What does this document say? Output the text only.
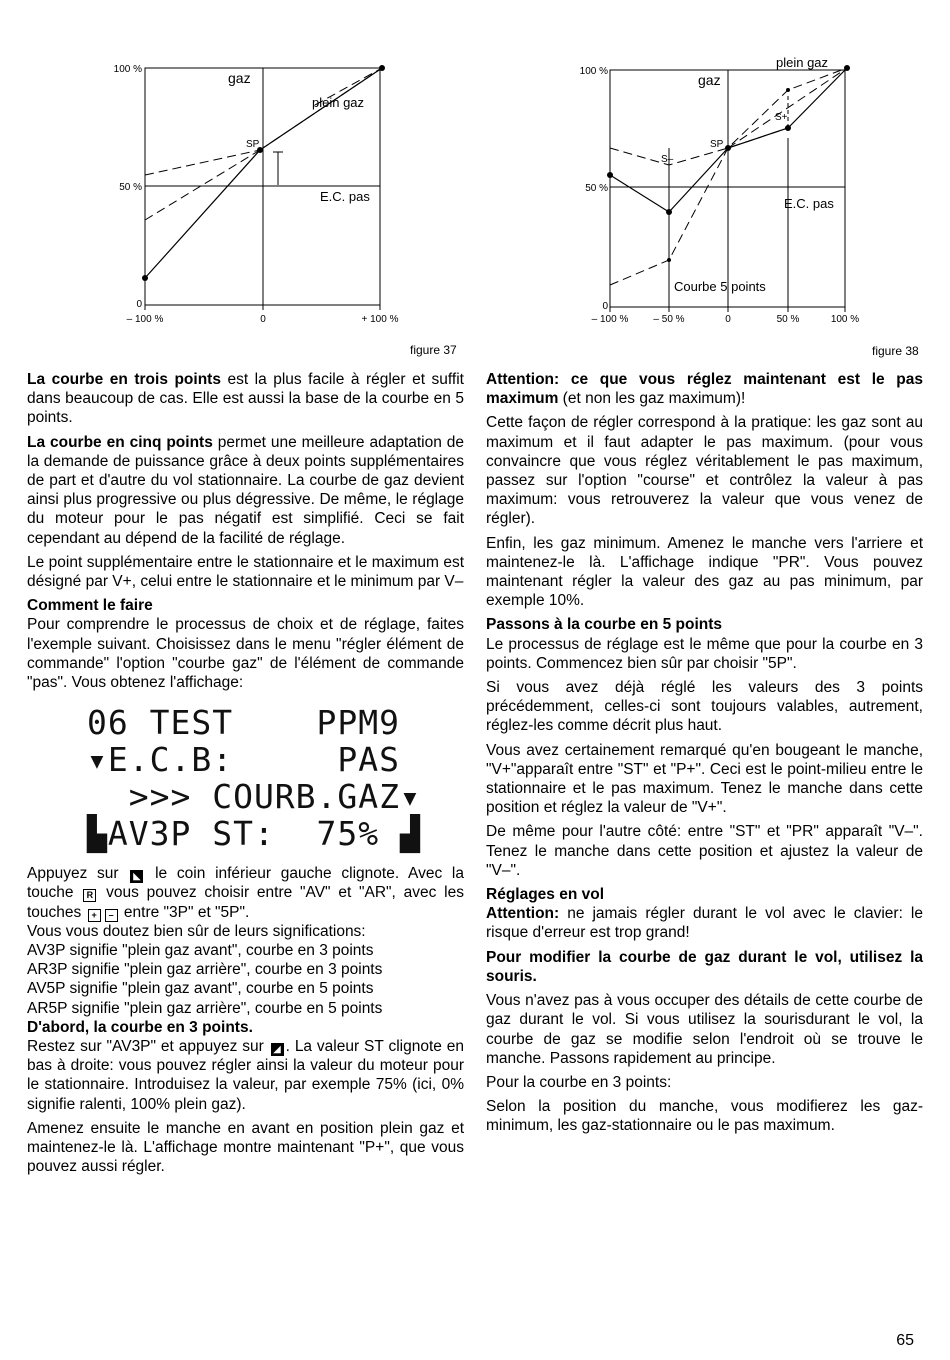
100 %
50 %
0
– 100 %	0	+ 100 %
gaz
plein gaz
SP
E.C. pas
figure 37
100 %
50 %
0
– 100 %	– 50 %	0	50 %	100 %
plein gaz
gaz
S+
S–
SP
E.C. pas
Courbe 5 points
figure 38

La courbe en trois points est la plus facile à régler et suffit dans beaucoup de cas. Elle est aussi la base de la courbe en 5 points.

La courbe en cinq points permet une meilleure adaptation de la demande de puissance grâce à deux points supplémentaires de part et d'autre du vol stationnaire. La courbe de gaz devient ainsi plus progressive ou plus dégressive. De même, le réglage du moteur pour le pas négatif est simplifié. Ceci se fait cependant au dépend de la facilité de réglage.

Le point supplémentaire entre le stationnaire et le maximum est désigné par V+, celui entre le stationnaire et le minimum par V–

Comment le faire

Pour comprendre le processus de choix et de réglage, faites l'exemple suivant. Choisissez dans le menu "régler élément de commande" l'option "courbe gaz" de l'élément de commande "pas". Vous obtenez l'affichage:

06 TEST    PPM9
▾E.C.B:     PAS
>>> COURB.GAZ▾
▙AV3P ST:  75% ▟

Appuyez sur ◣ le coin inférieur gauche clignote. Avec la touche R vous pouvez choisir entre "AV" et "AR", avec les touches + – entre "3P" et "5P".

Vous vous doutez bien sûr de leurs significations:

AV3P signifie "plein gaz avant", courbe en 3 points
AR3P signifie "plein gaz arrière", courbe en 3 points
AV5P signifie "plein gaz avant", courbe en 5 points
AR5P signifie "plein gaz arrière", courbe en 5 points

D'abord, la courbe en 3 points.

Restez sur "AV3P" et appuyez sur ◢ . La valeur ST clignote en bas à droite: vous pouvez régler ainsi la valeur du moteur pour le stationnaire. Introduisez la valeur, par exemple 75% (ici, 0% signifie ralenti, 100% plein gaz).

Amenez ensuite le manche en avant en position plein gaz et maintenez-le là. L'affichage montre maintenant "P+", que vous pouvez aussi régler.

Attention: ce que vous réglez maintenant est le pas maximum (et non les gaz maximum)!

Cette façon de régler correspond à la pratique: les gaz sont au maximum et il faut adapter le pas maximum. (pour vous convaincre que vous réglez véritablement le pas maximum, passez sur l'option "course" et contrôlez la valeur à pas maximum: vous retrouverez la valeur que vous venez de régler).

Enfin, les gaz minimum. Amenez le manche vers l'arriere et maintenez-le là. L'affichage indique "PR". Vous pouvez maintenant régler la valeur des gaz au pas minimum, par exemple 10%.

Passons à la courbe en 5 points

Le processus de réglage est le même que pour la courbe en 3 points. Commencez bien sûr par choisir "5P".

Si vous avez déjà réglé les valeurs des 3 points précédemment, celles-ci sont toujours valables, autrement, réglez-les comme décrit plus haut.

Vous avez certainement remarqué qu'en bougeant le manche, "V+"apparaît entre "ST" et "P+". Ceci est le point-milieu entre le stationnaire et le pas maximum. Tenez le manche dans cette position et réglez la valeur de "V+".

De même pour l'autre côté: entre "ST" et "PR" apparaît "V–". Tenez le manche dans cette position et ajustez la valeur de "V–".

Réglages en vol

Attention: ne jamais régler durant le vol avec le clavier: le risque d'erreur est trop grand!

Pour modifier la courbe de gaz durant le vol, utilisez la souris.

Vous n'avez pas à vous occuper des détails de cette courbe de gaz durant le vol. Si vous utilisez la sourisdurant le vol, la courbe de gaz se modifie selon l'endroit où se trouve le manche. Passons rapidement au principe.

Pour la courbe en 3 points:

Selon la position du manche, vous modifierez les gaz-minimum, les gaz-stationnaire ou le pas maximum.

65
